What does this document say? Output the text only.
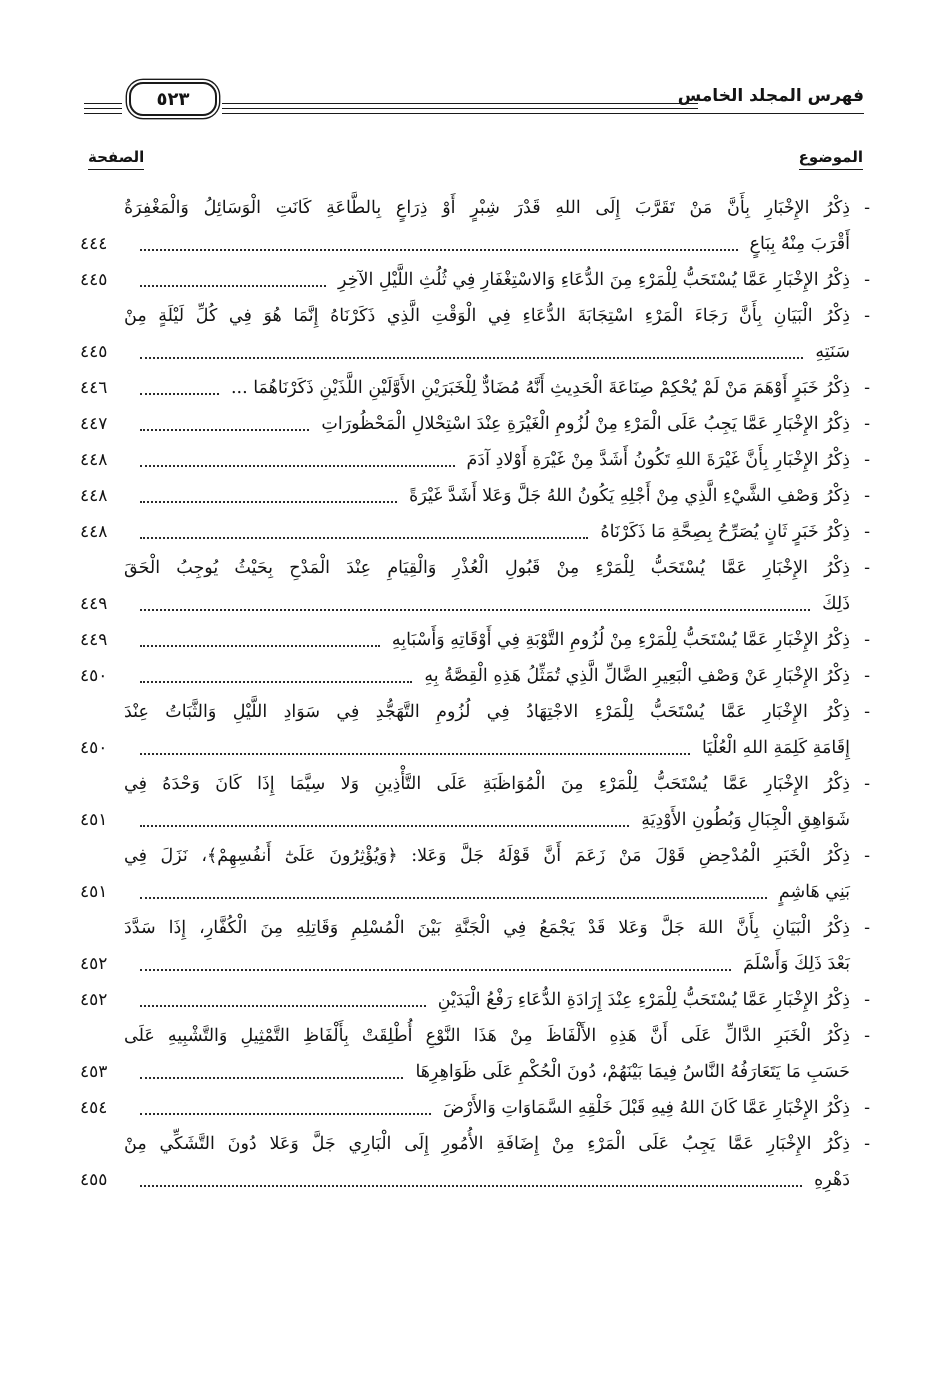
فهرس المجلد الخامس
٥٢٣
الموضوع
الصفحة
-
ذِكْرُ الإِخْبَارِ بِأَنَّ مَنْ تَقَرَّبَ إِلَى اللهِ قَدْرَ شِبْرٍ أَوْ ذِرَاعٍ بِالطَّاعَةِ كَانَتِ الْوَسَائِلُ وَالْمَغْفِرَةُ
أَقْرَبَ مِنْهُ بِبَاعٍ
٤٤٤
-
ذِكْرُ الإِخْبَارِ عَمَّا يُسْتَحَبُّ لِلْمَرْءِ مِنَ الدُّعَاءِ وَالاسْتِغْفَارِ فِي ثُلُثِ اللَّيْلِ الآخِرِ
٤٤٥
-
ذِكْرُ الْبَيَانِ بِأَنَّ رَجَاءَ الْمَرْءِ اسْتِجَابَةَ الدُّعَاءِ فِي الْوَقْتِ الَّذِي ذَكَرْنَاهُ إِنَّمَا هُوَ فِي كُلِّ لَيْلَةٍ مِنْ
سَنَتِهِ
٤٤٥
-
ذِكْرُ خَبَرٍ أَوْهَمَ مَنْ لَمْ يُحْكِمْ صِنَاعَةَ الْحَدِيثِ أَنَّهُ مُضَادٌّ لِلْخَبَرَيْنِ الأَوَّلَيْنِ اللَّذَيْنِ ذَكَرْنَاهُمَا ...
٤٤٦
-
ذِكْرُ الإِخْبَارِ عَمَّا يَجِبُ عَلَى الْمَرْءِ مِنْ لُزُومِ الْغَيْرَةِ عِنْدَ اسْتِحْلالِ الْمَحْظُورَاتِ
٤٤٧
-
ذِكْرُ الإِخْبَارِ بِأَنَّ غَيْرَةَ اللهِ تَكُونُ أَشَدَّ مِنْ غَيْرَةِ أَوْلادِ آدَمَ
٤٤٨
-
ذِكْرُ وَصْفِ الشَّيْءِ الَّذِي مِنْ أَجْلِهِ يَكُونُ اللهُ جَلَّ وَعَلا أَشَدَّ غَيْرَةً
٤٤٨
-
ذِكْرُ خَبَرٍ ثَانٍ يُصَرِّحُ بِصِحَّةِ مَا ذَكَرْنَاهُ
٤٤٨
-
ذِكْرُ الإِخْبَارِ عَمَّا يُسْتَحَبُّ لِلْمَرْءِ مِنْ قَبُولِ الْعُذْرِ وَالْقِيَامِ عِنْدَ الْمَدْحِ بِحَيْثُ يُوجِبُ الْحَقَ
ذَلِكَ
٤٤٩
-
ذِكْرُ الإِخْبَارِ عَمَّا يُسْتَحَبُّ لِلْمَرْءِ مِنْ لُزُومِ التَّوْبَةِ فِي أَوْقَاتِهِ وَأَسْبَابِهِ
٤٤٩
-
ذِكْرُ الإِخْبَارِ عَنْ وَصْفِ الْبَعِيرِ الضَّالِّ الَّذِي تُمَثِّلُ هَذِهِ الْقِصَّةُ بِهِ
٤٥٠
-
ذِكْرُ الإِخْبَارِ عَمَّا يُسْتَحَبُّ لِلْمَرْءِ الاجْتِهَادُ فِي لُزُومِ التَّهَجُّدِ فِي سَوَادِ اللَّيْلِ وَالثَّبَاتُ عِنْدَ
إِقَامَةِ كَلِمَةِ اللهِ الْعُلْيَا
٤٥٠
-
ذِكْرُ الإِخْبَارِ عَمَّا يُسْتَحَبُّ لِلْمَرْءِ مِنَ الْمُوَاظَبَةِ عَلَى التَّأْذِينِ وَلا سِيَّمَا إِذَا كَانَ وَحْدَهُ فِي
شَوَاهِقِ الْجِبَالِ وَبُطُونِ الأَوْدِيَةِ
٤٥١
-
ذِكْرُ الْخَبَرِ الْمُدْحِضِ قَوْلَ مَنْ زَعَمَ أَنَّ قَوْلَهُ جَلَّ وَعَلا: ﴿وَيُؤْثِرُونَ عَلَىٰٓ أَنفُسِهِمْ﴾، نَزَلَ فِي
بَنِي هَاشِمٍ
٤٥١
-
ذِكْرُ الْبَيَانِ بِأَنَّ اللهَ جَلَّ وَعَلا قَدْ يَجْمَعُ فِي الْجَنَّةِ بَيْنَ الْمُسْلِمِ وَقَاتِلِهِ مِنَ الْكُفَّارِ، إِذَا سَدَّدَ
بَعْدَ ذَلِكَ وَأَسْلَمَ
٤٥٢
-
ذِكْرُ الإِخْبَارِ عَمَّا يُسْتَحَبُّ لِلْمَرْءِ عِنْدَ إِرَادَةِ الدُّعَاءِ رَفْعُ الْيَدَيْنِ
٤٥٢
-
ذِكْرُ الْخَبَرِ الدَّالِّ عَلَى أَنَّ هَذِهِ الأَلْفَاظَ مِنْ هَذَا النَّوْعِ أُطْلِقَتْ بِأَلْفَاظِ التَّمْثِيلِ وَالتَّشْبِيهِ عَلَى
حَسَبِ مَا يَتَعَارَفُهُ النَّاسُ فِيمَا بَيْنَهُمْ، دُونَ الْحُكْمِ عَلَى ظَوَاهِرِهَا
٤٥٣
-
ذِكْرُ الإِخْبَارِ عَمَّا كَانَ اللهُ فِيهِ قَبْلَ خَلْقِهِ السَّمَاوَاتِ وَالأَرْضَ
٤٥٤
-
ذِكْرُ الإِخْبَارِ عَمَّا يَجِبُ عَلَى الْمَرْءِ مِنْ إِضَافَةِ الأُمُورِ إِلَى الْبَارِي جَلَّ وَعَلا دُونَ التَّشَكِّي مِنْ
دَهْرِهِ
٤٥٥
